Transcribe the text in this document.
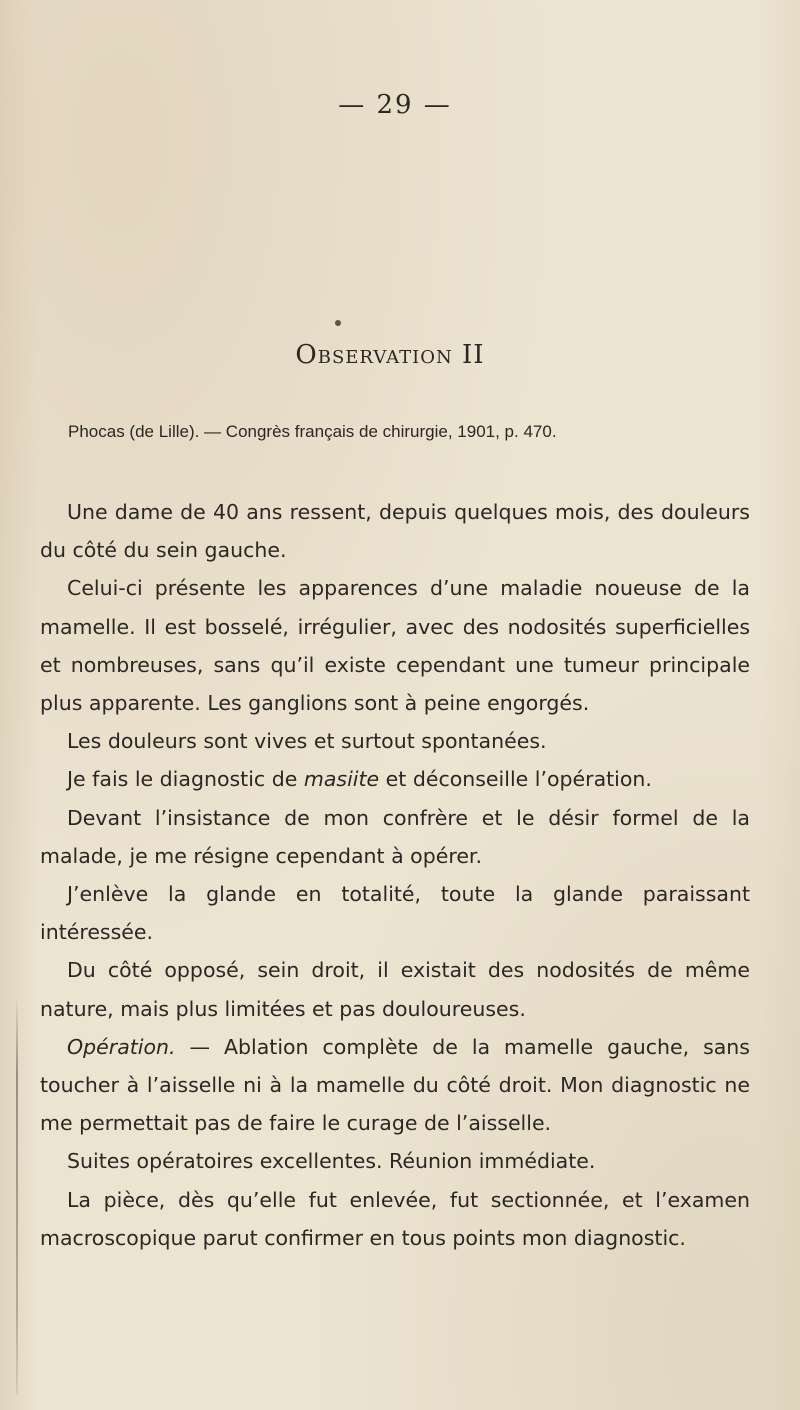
— 29 —
Observation II
Phocas (de Lille). — Congrès français de chirurgie, 1901, p. 470.

Une dame de 40 ans ressent, depuis quelques mois, des douleurs du côté du sein gauche.

Celui-ci présente les apparences d’une maladie noueuse de la mamelle. Il est bosselé, irrégulier, avec des nodosités superficielles et nombreuses, sans qu’il existe cependant une tumeur principale plus apparente. Les ganglions sont à peine engorgés.

Les douleurs sont vives et surtout spontanées.

Je fais le diagnostic de masiite et déconseille l’opération.

Devant l’insistance de mon confrère et le désir formel de la malade, je me résigne cependant à opérer.

J’enlève la glande en totalité, toute la glande paraissant intéressée.

Du côté opposé, sein droit, il existait des nodosités de même nature, mais plus limitées et pas douloureuses.

Opération. — Ablation complète de la mamelle gauche, sans toucher à l’aisselle ni à la mamelle du côté droit. Mon diagnostic ne me permettait pas de faire le curage de l’aisselle.

Suites opératoires excellentes. Réunion immédiate.

La pièce, dès qu’elle fut enlevée, fut sectionnée, et l’examen macroscopique parut confirmer en tous points mon diagnostic.
